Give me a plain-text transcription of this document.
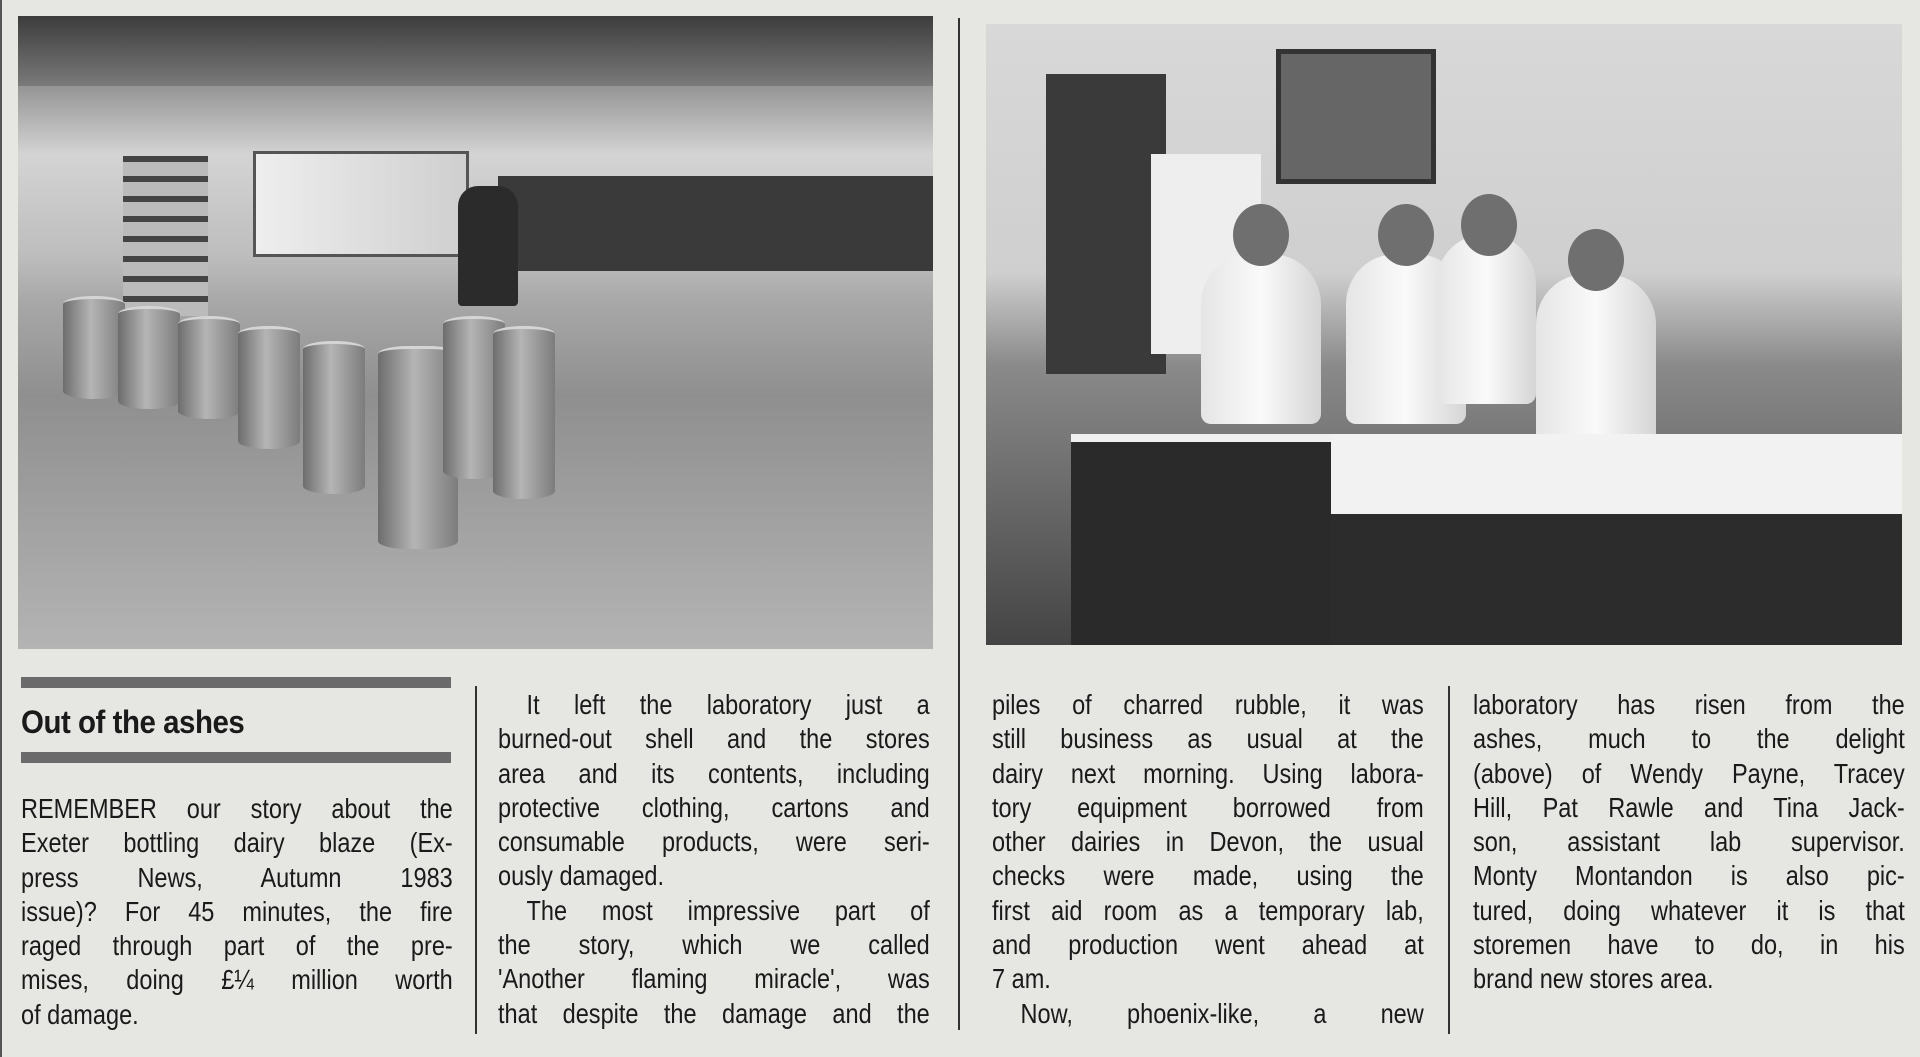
Out of the ashes
REMEMBER our story about the
Exeter bottling dairy blaze (Ex-
press News, Autumn 1983
issue)? For 45 minutes, the fire
raged through part of the pre-
mises, doing £¼ million worth
of damage.
It left the laboratory just a
burned-out shell and the stores
area and its contents, including
protective clothing, cartons and
consumable products, were seri-
ously damaged.
The most impressive part of
the story, which we called
'Another flaming miracle', was
that despite the damage and the
piles of charred rubble, it was
still business as usual at the
dairy next morning. Using labora-
tory equipment borrowed from
other dairies in Devon, the usual
checks were made, using the
first aid room as a temporary lab,
and production went ahead at
7 am.
Now, phoenix-like, a new
laboratory has risen from the
ashes, much to the delight
(above) of Wendy Payne, Tracey
Hill, Pat Rawle and Tina Jack-
son, assistant lab supervisor.
Monty Montandon is also pic-
tured, doing whatever it is that
storemen have to do, in his
brand new stores area.
